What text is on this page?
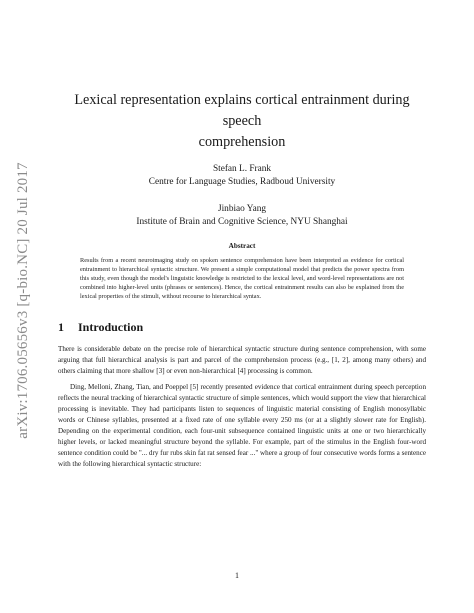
arXiv:1706.05656v3 [q-bio.NC] 20 Jul 2017
Lexical representation explains cortical entrainment during speech
comprehension
Stefan L. Frank
Centre for Language Studies, Radboud University
Jinbiao Yang
Institute of Brain and Cognitive Science, NYU Shanghai
Abstract

Results from a recent neuroimaging study on spoken sentence comprehension have been interpreted as evidence for cortical entrainment to hierarchical syntactic structure. We present a simple computational model that predicts the power spectra from this study, even though the model's linguistic knowledge is restricted to the lexical level, and word-level representations are not combined into higher-level units (phrases or sentences). Hence, the cortical entrainment results can also be explained from the lexical properties of the stimuli, without recourse to hierarchical syntax.

1 Introduction

There is considerable debate on the precise role of hierarchical syntactic structure during sentence comprehension, with some arguing that full hierarchical analysis is part and parcel of the comprehension process (e.g., [1, 2], among many others) and others claiming that more shallow [3] or even non-hierarchical [4] processing is common.

Ding, Melloni, Zhang, Tian, and Poeppel [5] recently presented evidence that cortical entrainment during speech perception reflects the neural tracking of hierarchical syntactic structure of simple sentences, which would support the view that hierarchical processing is inevitable. They had participants listen to sequences of linguistic material consisting of English monosyllabic words or Chinese syllables, presented at a fixed rate of one syllable every 250 ms (or at a slightly slower rate for English). Depending on the experimental condition, each four-unit subsequence contained linguistic units at one or two hierarchically higher levels, or lacked meaningful structure beyond the syllable. For example, part of the stimulus in the English four-word sentence condition could be "... dry fur rubs skin fat rat sensed fear ..." where a group of four consecutive words forms a sentence with the following hierarchical syntactic structure:

1
